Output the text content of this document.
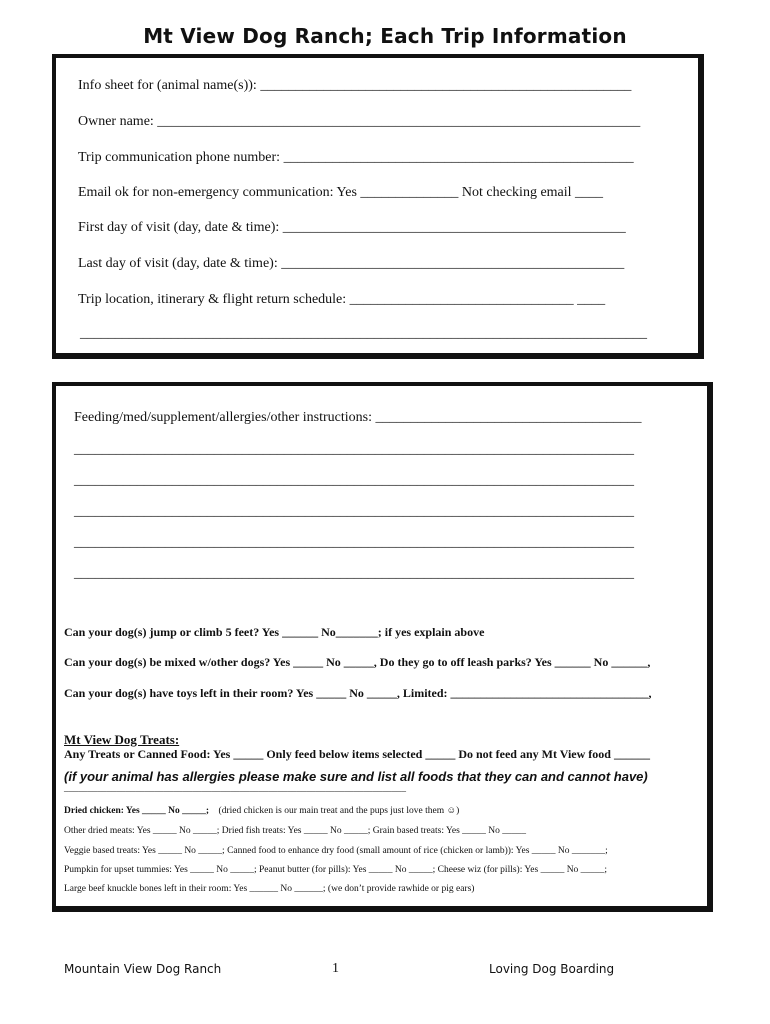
Mt View Dog Ranch; Each Trip Information
Info sheet for (animal name(s)): _____________________________________________________
Owner name: _____________________________________________________________________
Trip communication phone number: __________________________________________________
Email ok for non-emergency communication: Yes ______________ Not checking email ____
First day of visit (day, date & time): _________________________________________________
Last day of visit (day, date & time): _________________________________________________
Trip location, itinerary & flight return schedule: ________________________________ ____
_________________________________________________________________________________
Feeding/med/supplement/allergies/other instructions: ______________________________________
________________________________________________________________________________
________________________________________________________________________________
________________________________________________________________________________
________________________________________________________________________________
________________________________________________________________________________
Can your dog(s) jump or climb 5 feet? Yes ______ No_______; if yes explain above
Can your dog(s) be mixed w/other dogs? Yes _____ No _____, Do they go to off leash parks? Yes ______ No ______,
Can your dog(s) have toys left in their room? Yes _____ No _____, Limited: _________________________________,
Mt View Dog Treats:
Any Treats or Canned Food: Yes _____ Only feed below items selected _____ Do not feed any Mt View food ______
(if your animal has allergies please make sure and list all foods that they can and cannot have)
________________________________________________________________________
Dried chicken: Yes _____ No _____; (dried chicken is our main treat and the pups just love them ☺)
Other dried meats: Yes _____ No _____; Dried fish treats: Yes _____ No _____; Grain based treats: Yes _____ No _____
Veggie based treats: Yes _____ No _____; Canned food to enhance dry food (small amount of rice (chicken or lamb)): Yes _____ No _______;
Pumpkin for upset tummies: Yes _____ No _____; Peanut butter (for pills): Yes _____ No _____; Cheese wiz (for pills): Yes _____ No _____;
Large beef knuckle bones left in their room: Yes ______ No ______; (we don’t provide rawhide or pig ears)
Mountain View Dog Ranch	1	Loving Dog Boarding
